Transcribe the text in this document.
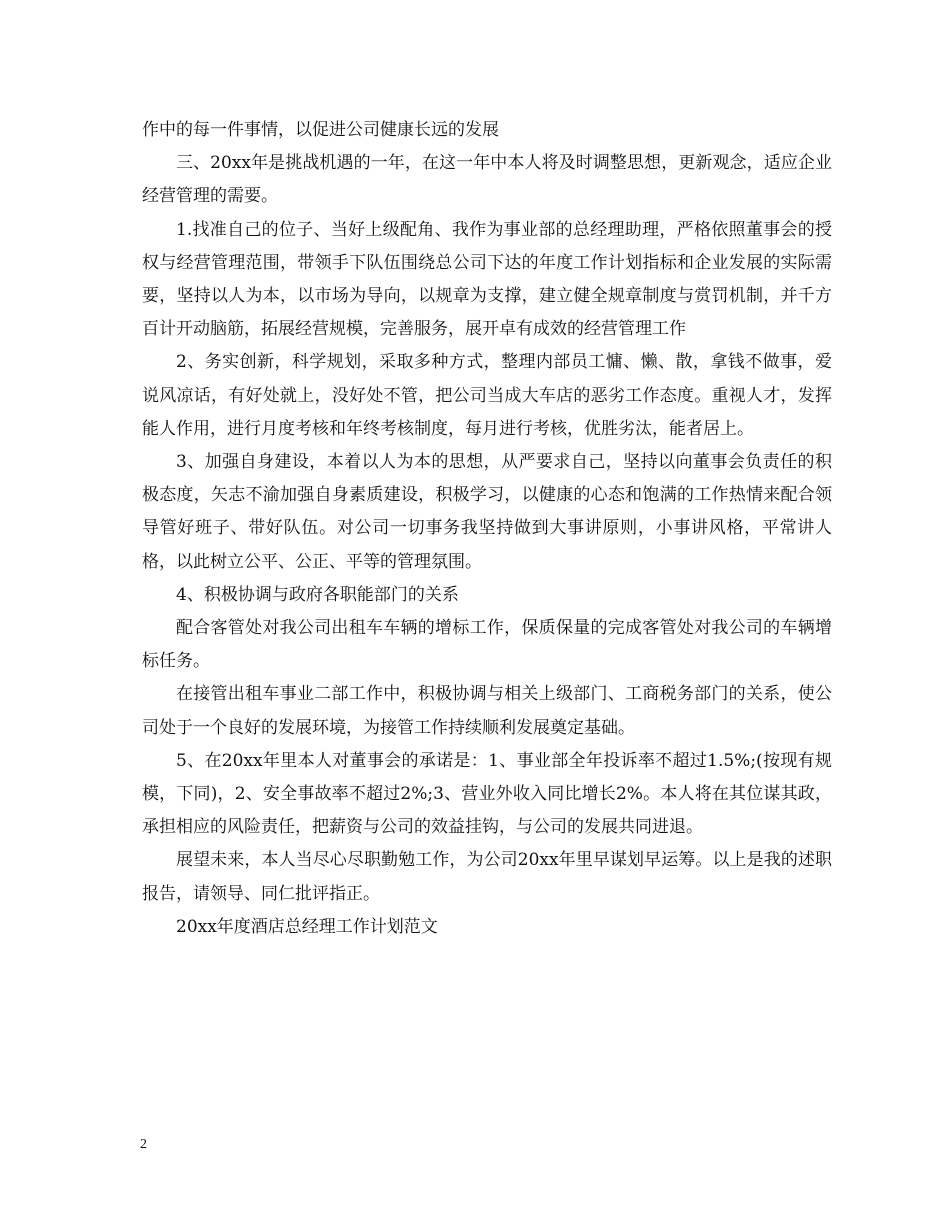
作中的每一件事情，以促进公司健康长远的发展

三、20xx年是挑战机遇的一年，在这一年中本人将及时调整思想，更新观念，适应企业经营管理的需要。

1.找准自己的位子、当好上级配角、我作为事业部的总经理助理，严格依照董事会的授权与经营管理范围，带领手下队伍围绕总公司下达的年度工作计划指标和企业发展的实际需要，坚持以人为本，以市场为导向，以规章为支撑，建立健全规章制度与赏罚机制，并千方百计开动脑筋，拓展经营规模，完善服务，展开卓有成效的经营管理工作

2、务实创新，科学规划，采取多种方式，整理内部员工慵、懒、散，拿钱不做事，爱说风凉话，有好处就上，没好处不管，把公司当成大车店的恶劣工作态度。重视人才，发挥能人作用，进行月度考核和年终考核制度，每月进行考核，优胜劣汰，能者居上。

3、加强自身建设，本着以人为本的思想，从严要求自己，坚持以向董事会负责任的积极态度，矢志不渝加强自身素质建设，积极学习，以健康的心态和饱满的工作热情来配合领导管好班子、带好队伍。对公司一切事务我坚持做到大事讲原则，小事讲风格，平常讲人格，以此树立公平、公正、平等的管理氛围。

4、积极协调与政府各职能部门的关系

配合客管处对我公司出租车车辆的增标工作，保质保量的完成客管处对我公司的车辆增标任务。

在接管出租车事业二部工作中，积极协调与相关上级部门、工商税务部门的关系，使公司处于一个良好的发展环境，为接管工作持续顺利发展奠定基础。

5、在20xx年里本人对董事会的承诺是：1、事业部全年投诉率不超过1.5%;(按现有规模，下同)，2、安全事故率不超过2%;3、营业外收入同比增长2%。本人将在其位谋其政，承担相应的风险责任，把薪资与公司的效益挂钩，与公司的发展共同进退。

展望未来，本人当尽心尽职勤勉工作，为公司20xx年里早谋划早运筹。以上是我的述职报告，请领导、同仁批评指正。

20xx年度酒店总经理工作计划范文

2
